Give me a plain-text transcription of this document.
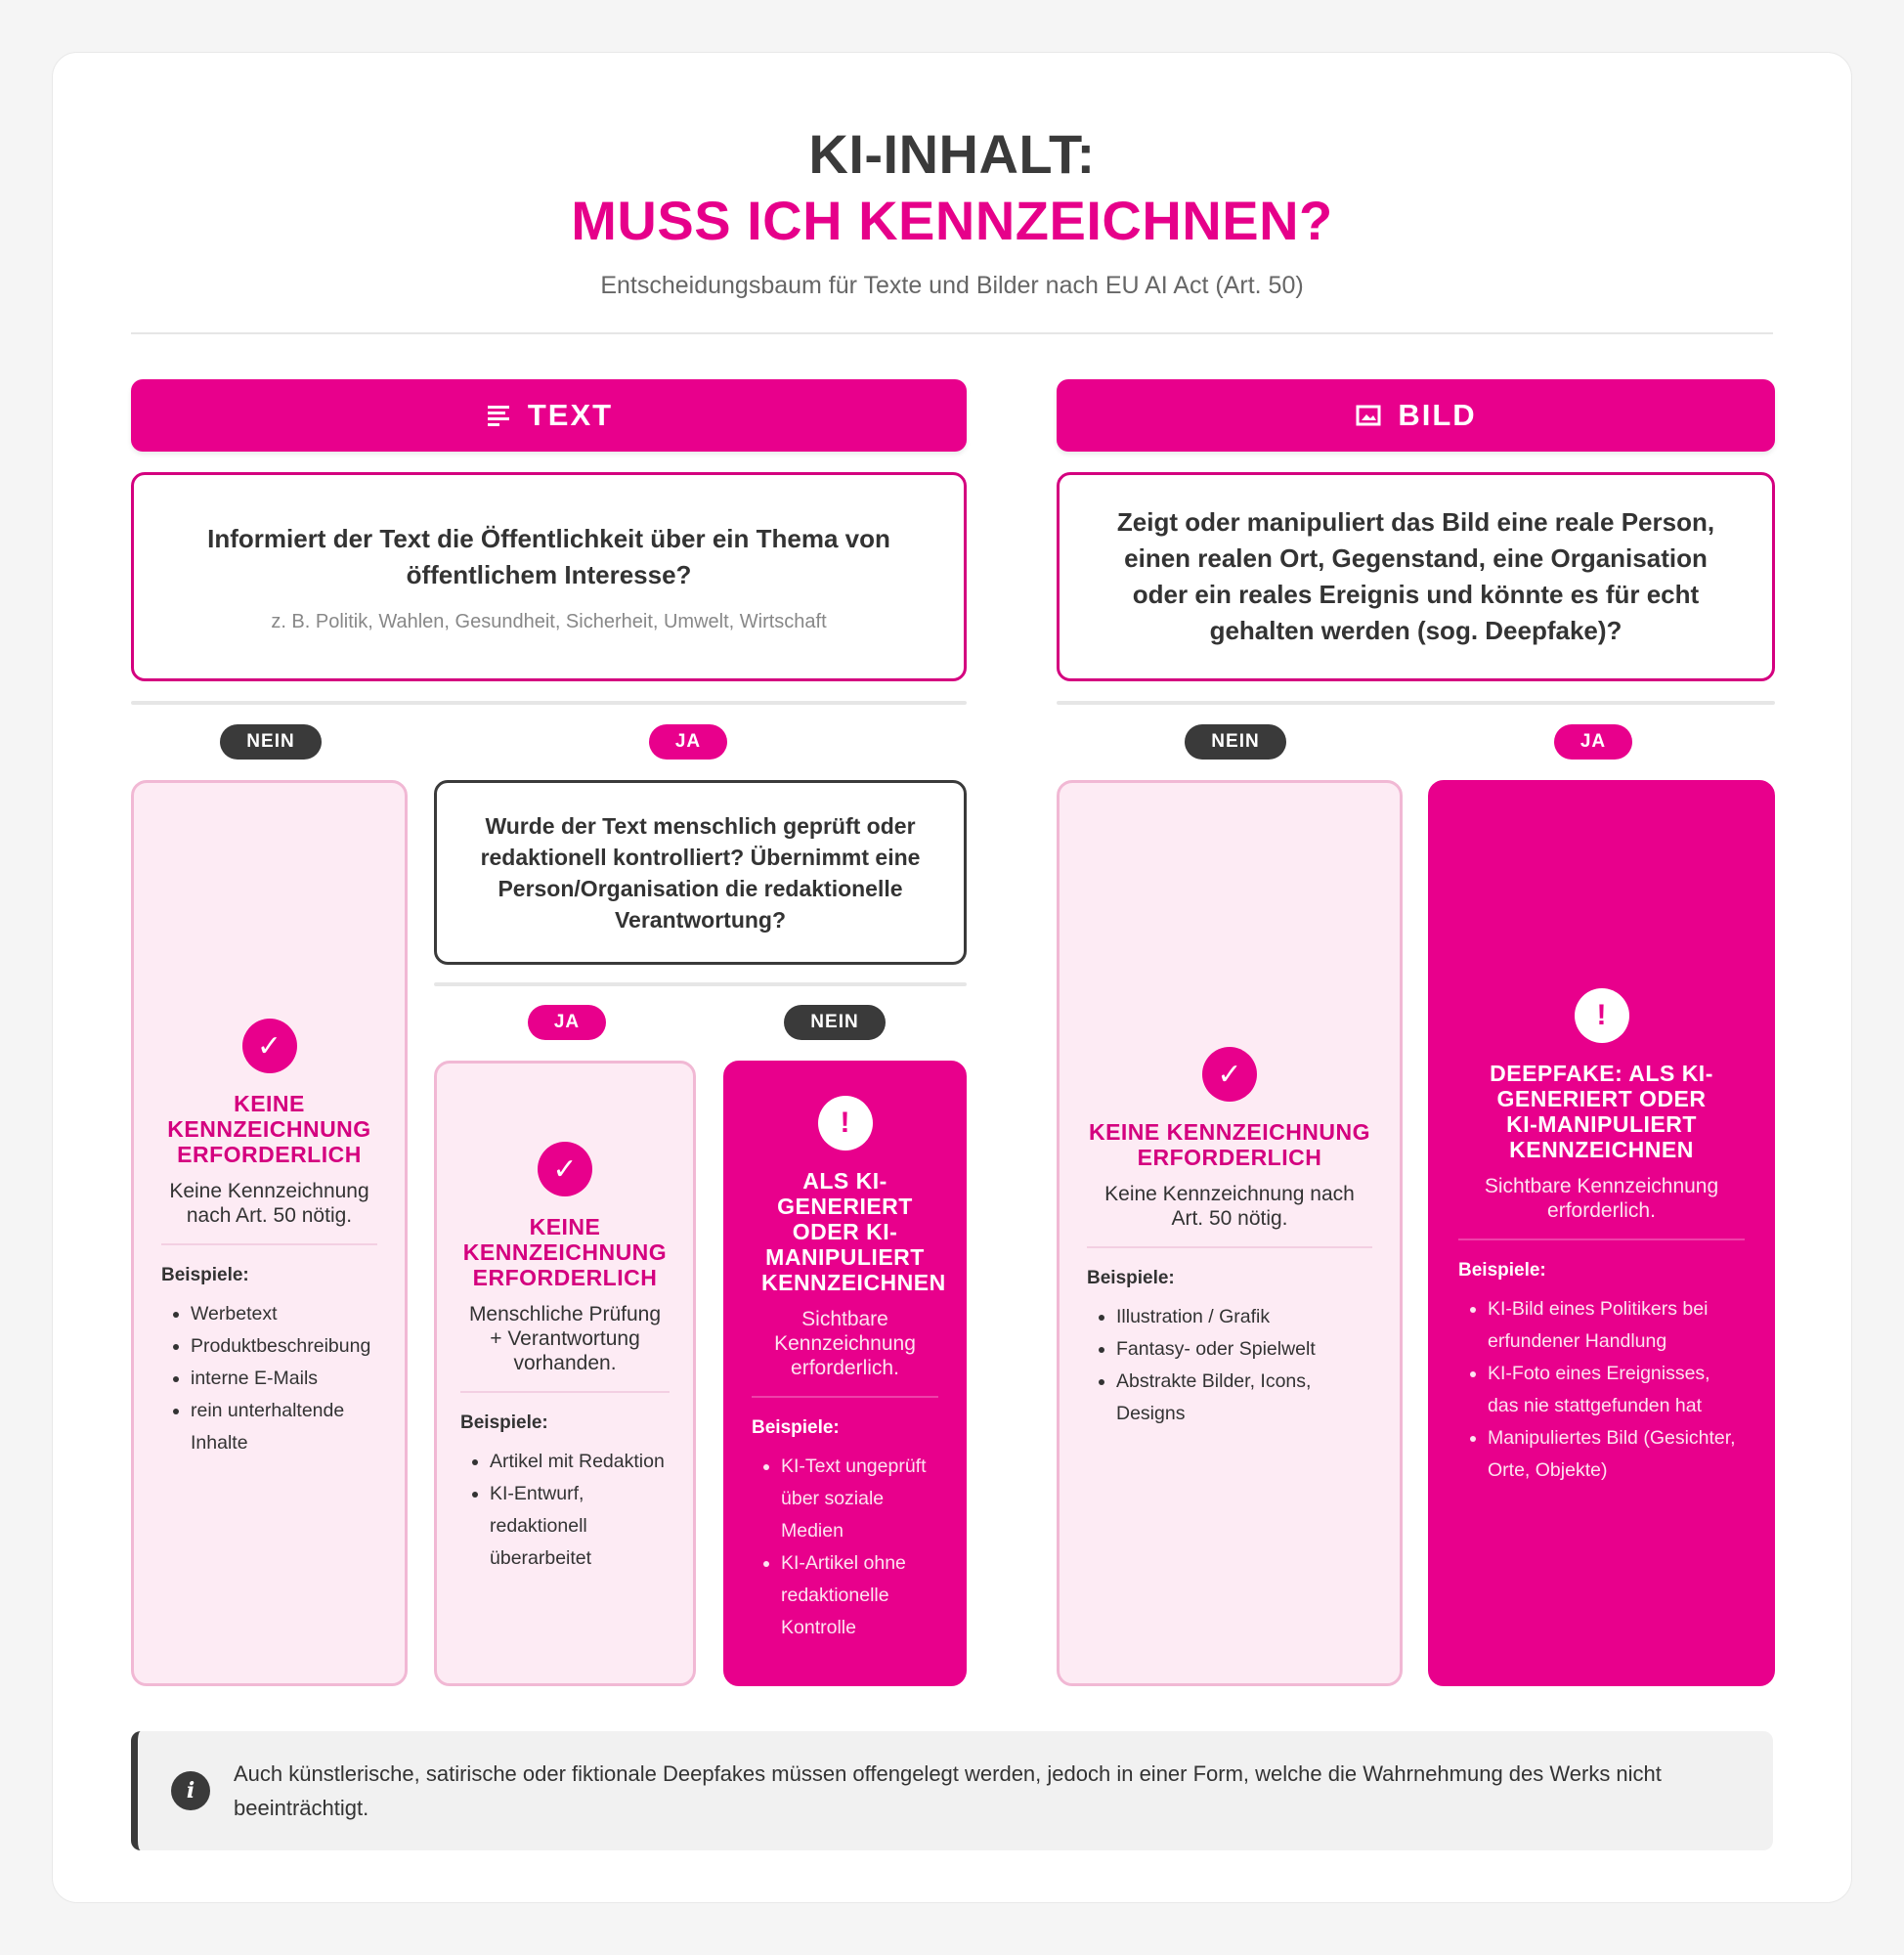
KI-INHALT:
MUSS ICH KENNZEICHNEN?
Entscheidungsbaum für Texte und Bilder nach EU AI Act (Art. 50)
TEXT
Informiert der Text die Öffentlichkeit über ein Thema von öffentlichem Interesse?
z. B. Politik, Wahlen, Gesundheit, Sicherheit, Umwelt, Wirtschaft
NEIN	JA
✓
KEINE KENNZEICHNUNG ERFORDERLICH
Keine Kennzeichnung nach Art. 50 nötig.
Beispiele:
• Werbetext
• Produktbeschreibung
• interne E-Mails
• rein unterhaltende Inhalte
Wurde der Text menschlich geprüft oder redaktionell kontrolliert? Übernimmt eine Person/Organisation die redaktionelle Verantwortung?
JA	NEIN
✓
KEINE KENNZEICHNUNG ERFORDERLICH
Menschliche Prüfung + Verantwortung vorhanden.
Beispiele:
• Artikel mit Redaktion
• KI-Entwurf, redaktionell überarbeitet
!
ALS KI-GENERIERT ODER KI-MANIPULIERT KENNZEICHNEN
Sichtbare Kennzeichnung erforderlich.
Beispiele:
• KI-Text ungeprüft über soziale Medien
• KI-Artikel ohne redaktionelle Kontrolle
BILD
Zeigt oder manipuliert das Bild eine reale Person, einen realen Ort, Gegenstand, eine Organisation oder ein reales Ereignis und könnte es für echt gehalten werden (sog. Deepfake)?
NEIN	JA
✓
KEINE KENNZEICHNUNG ERFORDERLICH
Keine Kennzeichnung nach Art. 50 nötig.
Beispiele:
• Illustration / Grafik
• Fantasy- oder Spielwelt
• Abstrakte Bilder, Icons, Designs
!
DEEPFAKE: ALS KI-GENERIERT ODER KI-MANIPULIERT KENNZEICHNEN
Sichtbare Kennzeichnung erforderlich.
Beispiele:
• KI-Bild eines Politikers bei erfundener Handlung
• KI-Foto eines Ereignisses, das nie stattgefunden hat
• Manipuliertes Bild (Gesichter, Orte, Objekte)
i
Auch künstlerische, satirische oder fiktionale Deepfakes müssen offengelegt werden, jedoch in einer Form, welche die Wahrnehmung des Werks nicht beeinträchtigt.
